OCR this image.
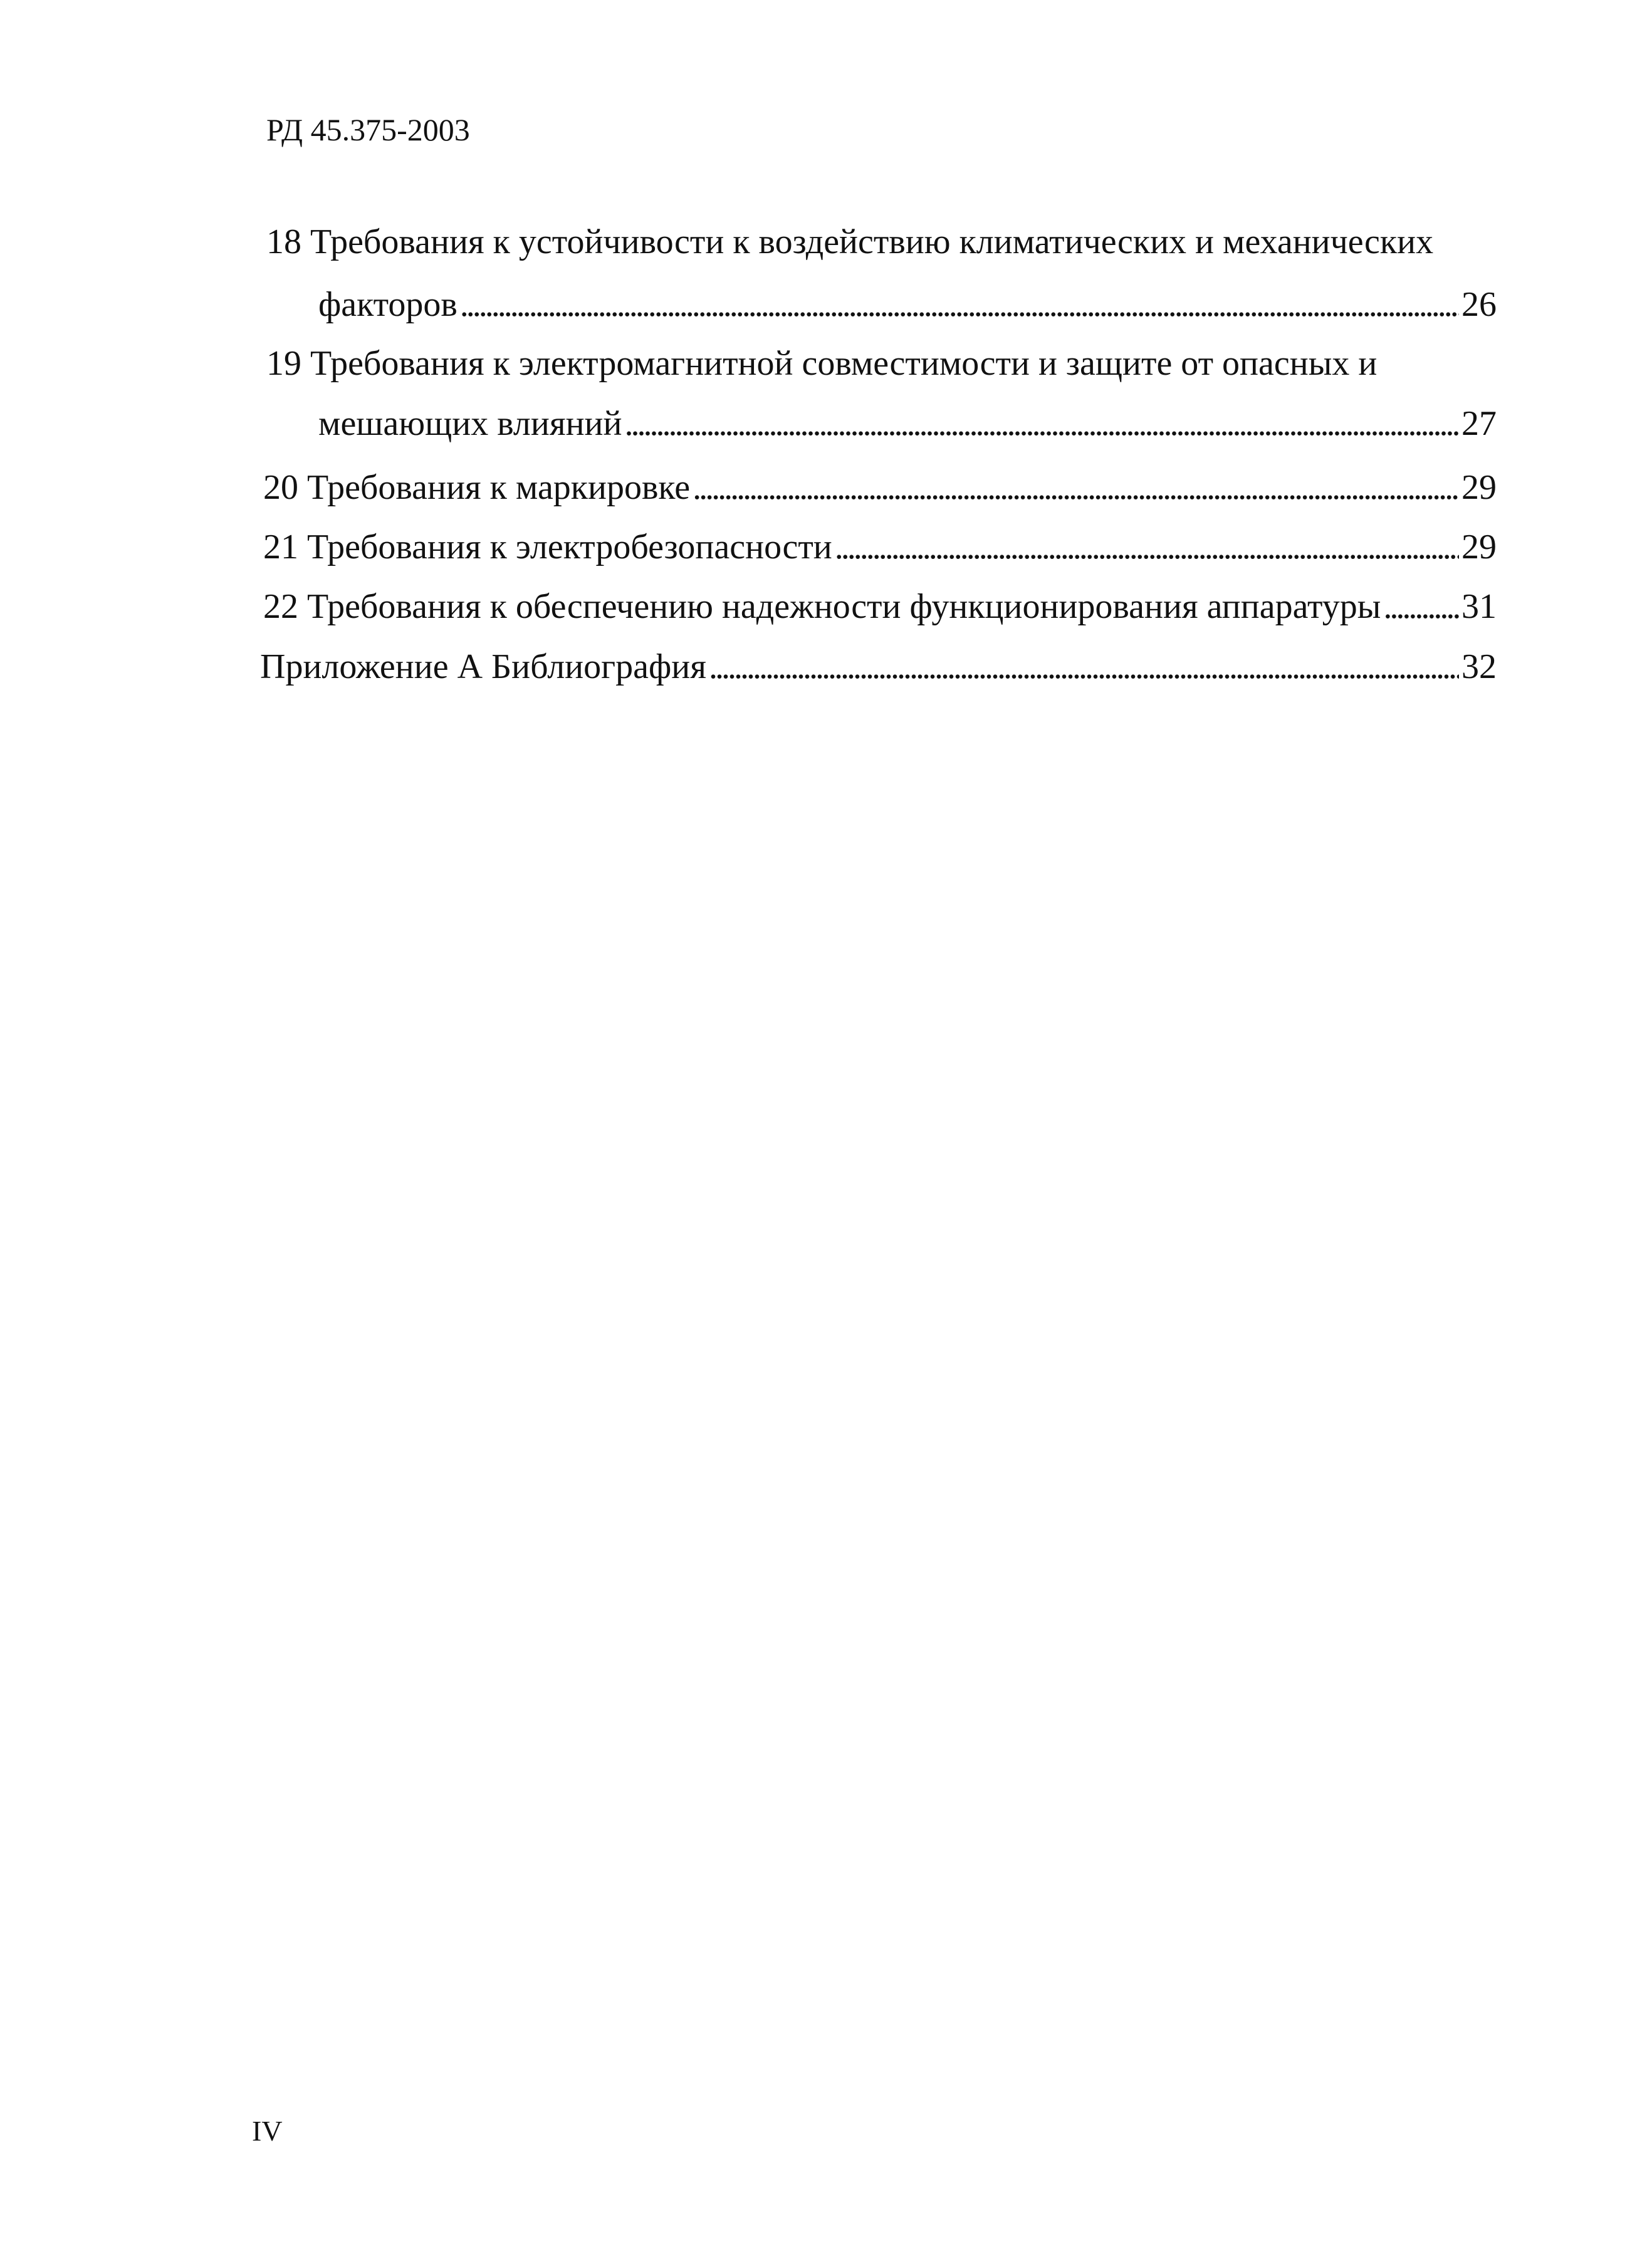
РД 45.375-2003
18 Требования к устойчивости к воздействию климатических и механических
факторов . . .	26
19 Требования к электромагнитной совместимости и защите от опасных и
мешающих влияний . . .	27
20 Требования к маркировке . . .	29
21 Требования к электробезопасности . . .	29
22 Требования к обеспечению надежности функционирования аппаратуры . . . 31
Приложение А Библиография . . .	32
IV
